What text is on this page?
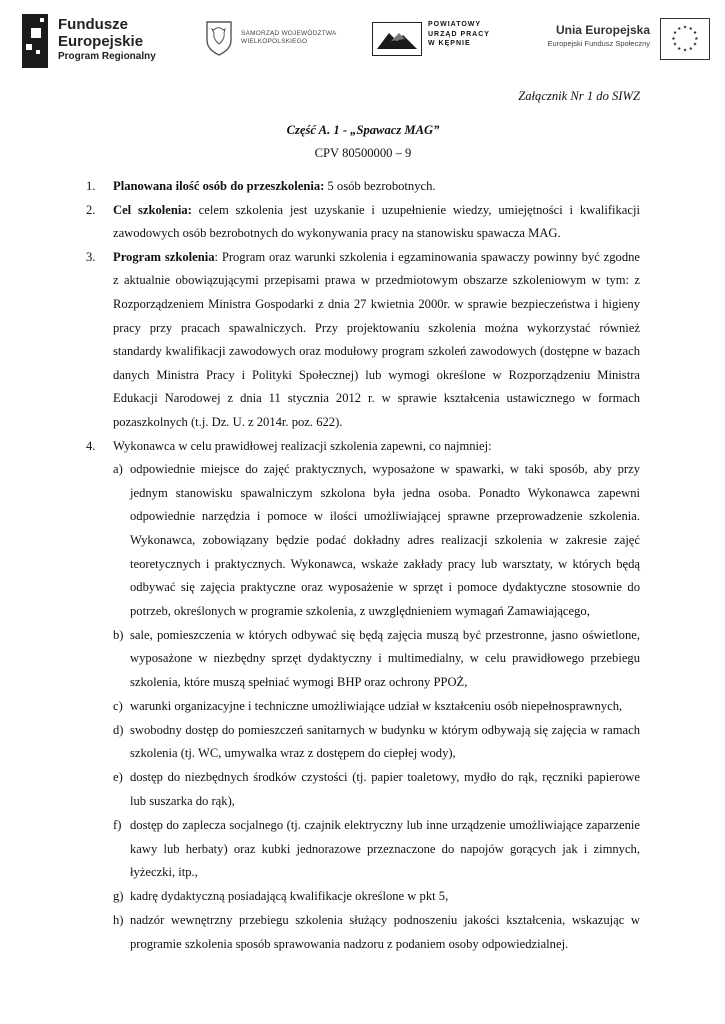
Fundusze
Europejskie
Program Regionalny
SAMORZĄD WOJEWÓDZTWA
WIELKOPOLSKIEGO
POWIATOWY
URZĄD PRACY
W KĘPNIE
Unia Europejska
Europejski Fundusz Społeczny
★ ★
★
★
★
★
★
★
★
★
★
★
Załącznik Nr 1 do SIWZ
Część A. 1 - „Spawacz MAG”
CPV 80500000 – 9
1. Planowana ilość osób do przeszkolenia: 5 osób bezrobotnych.
2. Cel szkolenia: celem szkolenia jest uzyskanie i uzupełnienie wiedzy, umiejętności i kwalifikacji zawodowych osób bezrobotnych do wykonywania pracy na stanowisku spawacza MAG.
3. Program szkolenia: Program oraz warunki szkolenia i egzaminowania spawaczy powinny być zgodne z aktualnie obowiązującymi przepisami prawa w przedmiotowym obszarze szkoleniowym w tym: z Rozporządzeniem Ministra Gospodarki z dnia 27 kwietnia 2000r. w sprawie bezpieczeństwa i higieny pracy przy pracach spawalniczych. Przy projektowaniu szkolenia można wykorzystać również standardy kwalifikacji zawodowych oraz modułowy program szkoleń zawodowych (dostępne w bazach danych Ministra Pracy i Polityki Społecznej) lub wymogi określone w Rozporządzeniu Ministra Edukacji Narodowej z dnia 11 stycznia 2012 r. w sprawie kształcenia ustawicznego w formach pozaszkolnych (t.j. Dz. U. z 2014r. poz. 622).
4. Wykonawca w celu prawidłowej realizacji szkolenia zapewni, co najmniej:
a) odpowiednie miejsce do zajęć praktycznych, wyposażone w spawarki, w taki sposób, aby przy jednym stanowisku spawalniczym szkolona była jedna osoba. Ponadto Wykonawca zapewni odpowiednie narzędzia i pomoce w ilości umożliwiającej sprawne przeprowadzenie szkolenia. Wykonawca, zobowiązany będzie podać dokładny adres realizacji szkolenia w zakresie zajęć teoretycznych i praktycznych. Wykonawca, wskaże zakłady pracy lub warsztaty, w których będą odbywać się zajęcia praktyczne oraz wyposażenie w sprzęt i pomoce dydaktyczne stosownie do potrzeb, określonych w programie szkolenia, z uwzględnieniem wymagań Zamawiającego,
b) sale, pomieszczenia w których odbywać się będą zajęcia muszą być przestronne, jasno oświetlone, wyposażone w niezbędny sprzęt dydaktyczny i multimedialny, w celu prawidłowego przebiegu szkolenia, które muszą spełniać wymogi BHP oraz ochrony PPOŻ,
c) warunki organizacyjne i techniczne umożliwiające udział w kształceniu osób niepełnosprawnych,
d) swobodny dostęp do pomieszczeń sanitarnych w budynku w którym odbywają się zajęcia w ramach szkolenia (tj. WC, umywalka wraz z dostępem do ciepłej wody),
e) dostęp do niezbędnych środków czystości (tj. papier toaletowy, mydło do rąk, ręczniki papierowe lub suszarka do rąk),
f) dostęp do zaplecza socjalnego (tj. czajnik elektryczny lub inne urządzenie umożliwiające zaparzenie kawy lub herbaty) oraz kubki jednorazowe przeznaczone do napojów gorących jak i zimnych, łyżeczki, itp.,
g) kadrę dydaktyczną posiadającą kwalifikacje określone w pkt 5,
h) nadzór wewnętrzny przebiegu szkolenia służący podnoszeniu jakości kształcenia, wskazując w programie szkolenia sposób sprawowania nadzoru z podaniem osoby odpowiedzialnej.
